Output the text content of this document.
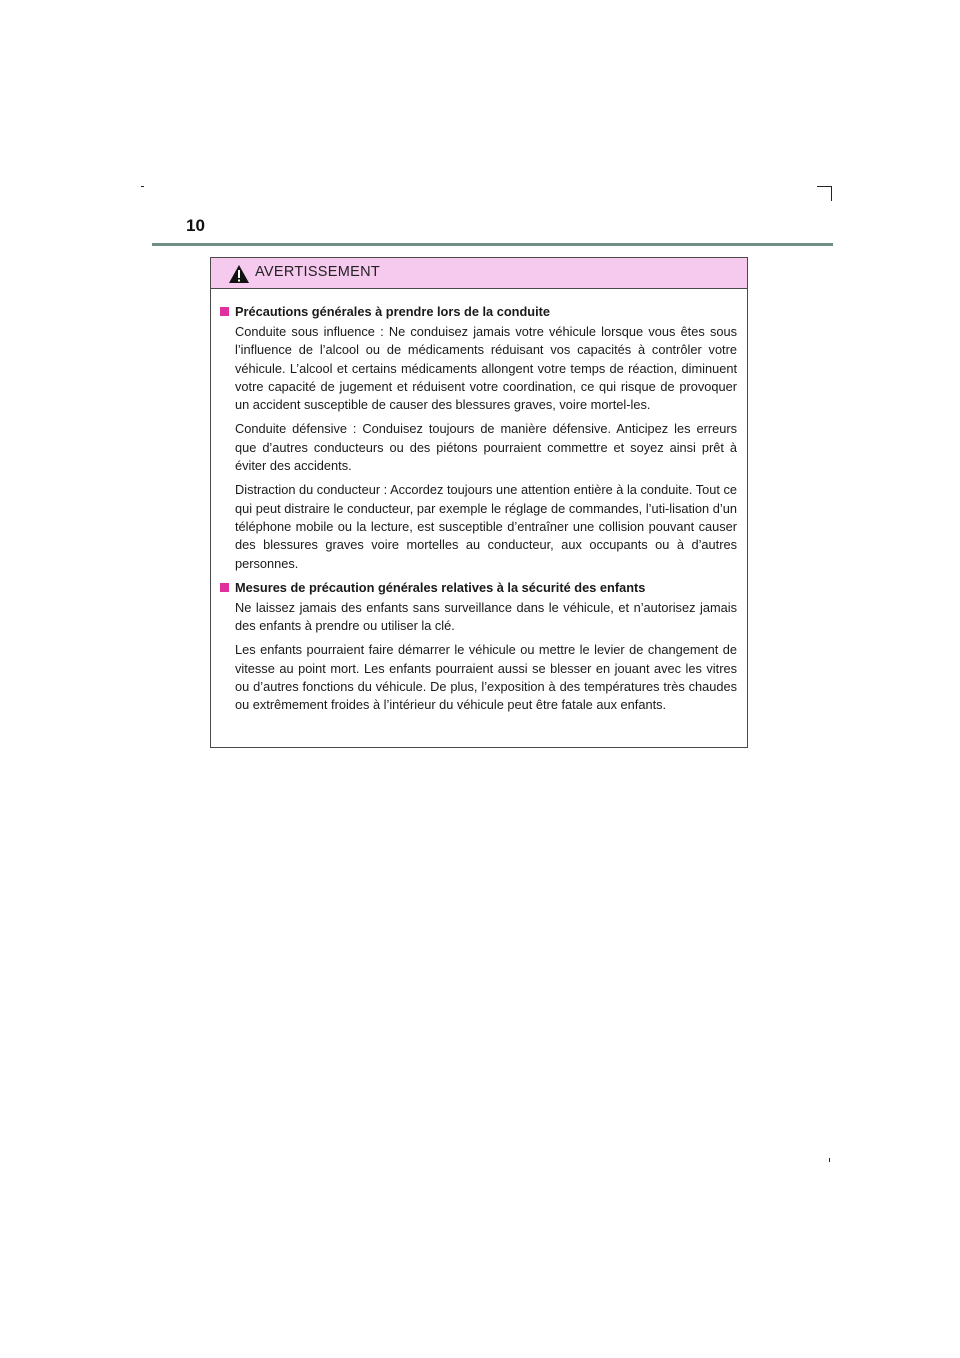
10
AVERTISSEMENT
Précautions générales à prendre lors de la conduite

Conduite sous influence : Ne conduisez jamais votre véhicule lorsque vous êtes sous l’influence de l’alcool ou de médicaments réduisant vos capacités à contrôler votre véhicule. L’alcool et certains médicaments allongent votre temps de réaction, diminuent votre capacité de jugement et réduisent votre coordination, ce qui risque de provoquer un accident susceptible de causer des blessures graves, voire mortel-les.

Conduite défensive : Conduisez toujours de manière défensive. Anticipez les erreurs que d’autres conducteurs ou des piétons pourraient commettre et soyez ainsi prêt à éviter des accidents.

Distraction du conducteur : Accordez toujours une attention entière à la conduite. Tout ce qui peut distraire le conducteur, par exemple le réglage de commandes, l’uti-lisation d’un téléphone mobile ou la lecture, est susceptible d’entraîner une collision pouvant causer des blessures graves voire mortelles au conducteur, aux occupants ou à d’autres personnes.

Mesures de précaution générales relatives à la sécurité des enfants

Ne laissez jamais des enfants sans surveillance dans le véhicule, et n’autorisez jamais des enfants à prendre ou utiliser la clé.

Les enfants pourraient faire démarrer le véhicule ou mettre le levier de changement de vitesse au point mort. Les enfants pourraient aussi se blesser en jouant avec les vitres ou d’autres fonctions du véhicule. De plus, l’exposition à des températures très chaudes ou extrêmement froides à l’intérieur du véhicule peut être fatale aux enfants.
